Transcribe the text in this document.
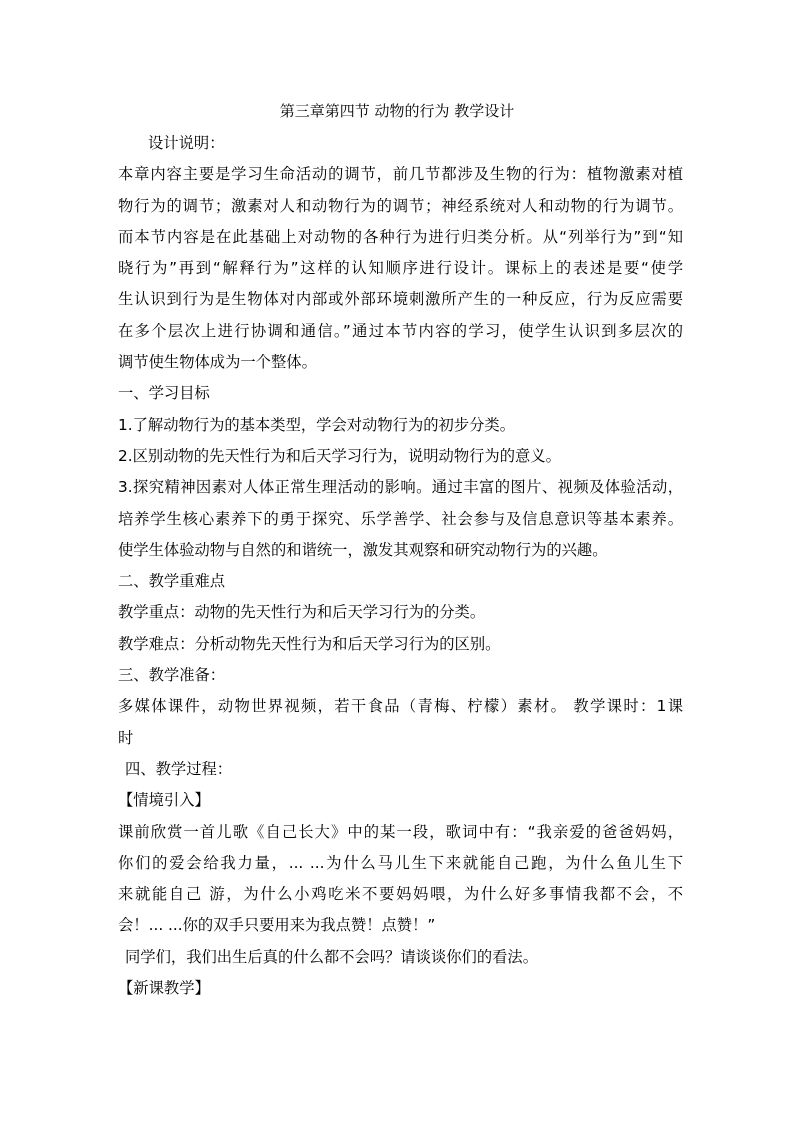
第三章第四节 动物的行为 教学设计
设计说明：
本章内容主要是学习生命活动的调节，前几节都涉及生物的行为：植物激素对植
物行为的调节；激素对人和动物行为的调节；神经系统对人和动物的行为调节。
而本节内容是在此基础上对动物的各种行为进行归类分析。从“列举行为”到“知
晓行为”再到“解释行为”这样的认知顺序进行设计。课标上的表述是要“使学
生认识到行为是生物体对内部或外部环境刺激所产生的一种反应，行为反应需要
在多个层次上进行协调和通信。”通过本节内容的学习，使学生认识到多层次的
调节使生物体成为一个整体。
一、学习目标
1.了解动物行为的基本类型，学会对动物行为的初步分类。
2.区别动物的先天性行为和后天学习行为，说明动物行为的意义。
3.探究精神因素对人体正常生理活动的影响。通过丰富的图片、视频及体验活动，
培养学生核心素养下的勇于探究、乐学善学、社会参与及信息意识等基本素养。
使学生体验动物与自然的和谐统一，激发其观察和研究动物行为的兴趣。
二、教学重难点
教学重点：动物的先天性行为和后天学习行为的分类。
教学难点：分析动物先天性行为和后天学习行为的区别。
三、教学准备：
多媒体课件，动物世界视频，若干食品（青梅、柠檬）素材。 教学课时：1课
时
四、教学过程：
【情境引入】
课前欣赏一首儿歌《自己长大》中的某一段，歌词中有：“我亲爱的爸爸妈妈，
你们的爱会给我力量，... ...为什么马儿生下来就能自己跑，为什么鱼儿生下
来就能自己 游，为什么小鸡吃米不要妈妈喂，为什么好多事情我都不会，不
会！... ...你的双手只要用来为我点赞！点赞！”
同学们，我们出生后真的什么都不会吗？请谈谈你们的看法。
【新课教学】
